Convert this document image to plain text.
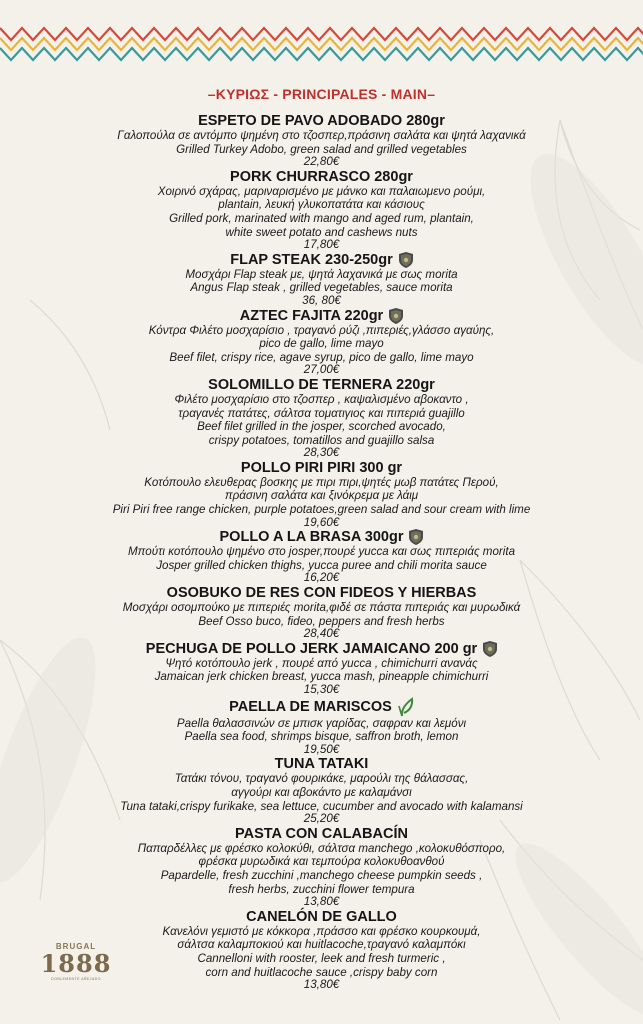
–ΚΥΡΙΩΣ - PRINCIPALES - MAIN–
ESPETO DE PAVO ADOBADO 280gr
Γαλοπούλα σε αντόμπο ψημένη στο τζοσπερ,πράσινη σαλάτα και ψητά λαχανικά
Grilled Turkey Adobo, green salad and grilled vegetables
22,80€
PORK CHURRASCO 280gr
Χοιρινό σχάρας, μαριναρισμένο με μάνκο και παλαιωμενο ρούμι,
plantain, λευκή γλυκοπατάτα και κάσιους
Grilled pork, marinated with mango and aged rum, plantain,
white sweet potato and cashews nuts
17,80€
FLAP STEAK 230-250gr
Μοσχάρι Flap steak με, ψητά λαχανικά με σως morita
Angus Flap steak , grilled vegetables, sauce morita
36, 80€
AZTEC FAJITA 220gr
Κόντρα Φιλέτο μοσχαρίσιο , τραγανό ρύζι ,πιπεριές,γλάσσο αγαύης,
pico de gallo, lime mayo
Beef filet, crispy rice, agave syrup, pico de gallo, lime mayo
27,00€
SOLOMILLO DE TERNERA 220gr
Φιλέτο μοσχαρίσιο στο τζοσπερ , καψαλισμένο αβοκαντο ,
τραγανές πατάτες, σάλτσα τοματιγιος και πιπεριά guajillo
Beef filet grilled in the josper, scorched avocado,
crispy potatoes, tomatillos and guajillo salsa
28,30€
POLLO PIRI PIRI 300 gr
Κοτόπουλο ελευθερας βοσκης με πιρι πιρι,ψητές μωβ πατάτες Περού,
πράσινη σαλάτα και ξινόκρεμα με λάιμ
Piri Piri free range chicken, purple potatoes,green salad and sour cream with lime
19,60€
POLLO A LA BRASA 300gr
Μπούτι κοτόπουλο ψημένο στο josper,πουρέ yucca και σως πιπεριάς morita
Josper grilled chicken thighs, yucca puree and chili morita sauce
16,20€
OSOBUKO DE RES CON FIDEOS Y HIERBAS
Μοσχάρι οσομπούκο με πιπεριές morita,φιδέ σε πάστα πιπεριάς και μυρωδικά
Beef Osso buco, fideo, peppers and fresh herbs
28,40€
PECHUGA DE POLLO JERK JAMAICANO 200 gr
Ψητό κοτόπουλο jerk , πουρέ από yucca , chimichurri ανανάς
Jamaican jerk chicken breast, yucca mash, pineapple chimichurri
15,30€
PAELLA DE MARISCOS
Paella θαλασσινών σε μπισκ γαρίδας, σαφραν και λεμόνι
Paella sea food, shrimps bisque, saffron broth, lemon
19,50€
TUNA TATAKI
Τατάκι τόνου, τραγανό φουρικάκε, μαρούλι της θάλασσας,
αγγούρι και αβοκάντο με καλαμάνσι
Tuna tataki,crispy furikake, sea lettuce, cucumber and avocado with kalamansi
25,20€
PASTA CON CALABACÍN
Παπαρδέλλες με φρέσκο κολοκύθι, σάλτσα manchego ,κολοκυθόσπορο,
φρέσκα μυρωδικά και τεμπούρα κολοκυθοανθού
Papardelle, fresh zucchini ,manchego cheese pumpkin seeds ,
fresh herbs, zucchini flower tempura
13,80€
CANELÓN DE GALLO
Κανελόνι γεμιστό με κόκκορα ,πράσσο και φρέσκο κουρκουμά,
σάλτσα καλαμποκιού και huitlacoche,τραγανό καλαμπόκι
Cannelloni with rooster, leek and fresh turmeric ,
corn and huitlacoche sauce ,crispy baby corn
13,80€
BRUGAL
1888
DOBLEMENTE AÑEJADO
